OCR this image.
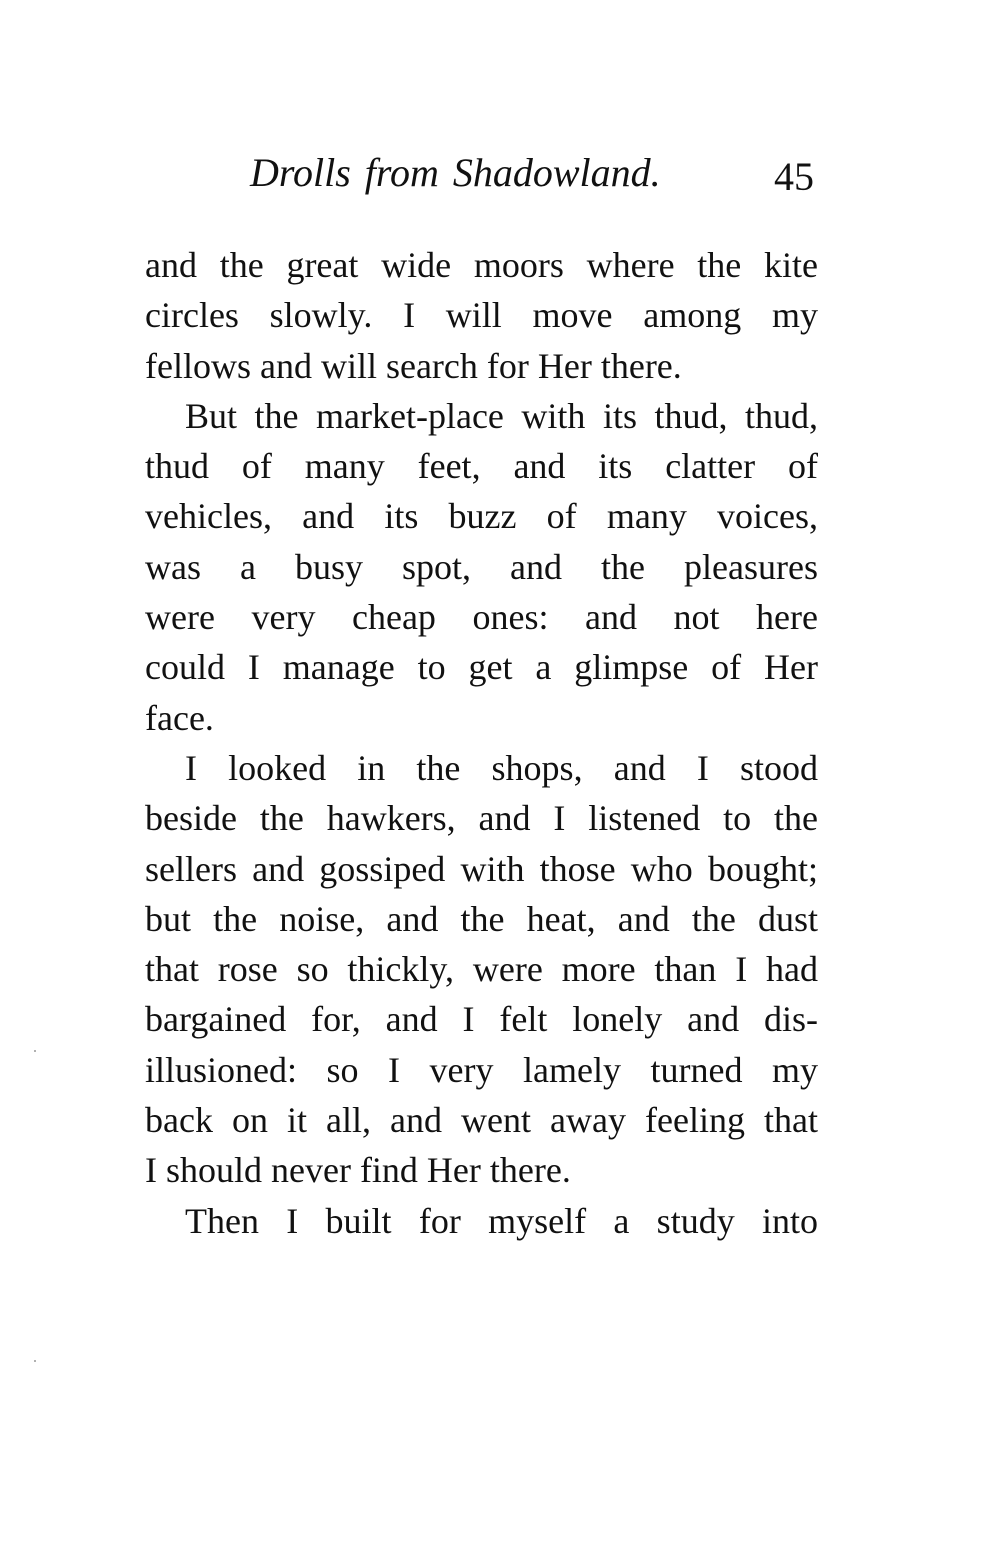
Drolls from Shadowland.	45
and the great wide moors where the kite
circles slowly. I will move among my
fellows and will search for Her there.
But the market-place with its thud, thud,
thud of many feet, and its clatter of
vehicles, and its buzz of many voices,
was a busy spot, and the pleasures
were very cheap ones: and not here
could I manage to get a glimpse of Her
face.
I looked in the shops, and I stood
beside the hawkers, and I listened to the
sellers and gossiped with those who bought;
but the noise, and the heat, and the dust
that rose so thickly, were more than I had
bargained for, and I felt lonely and dis-
illusioned: so I very lamely turned my
back on it all, and went away feeling that
I should never find Her there.
Then I built for myself a study into
